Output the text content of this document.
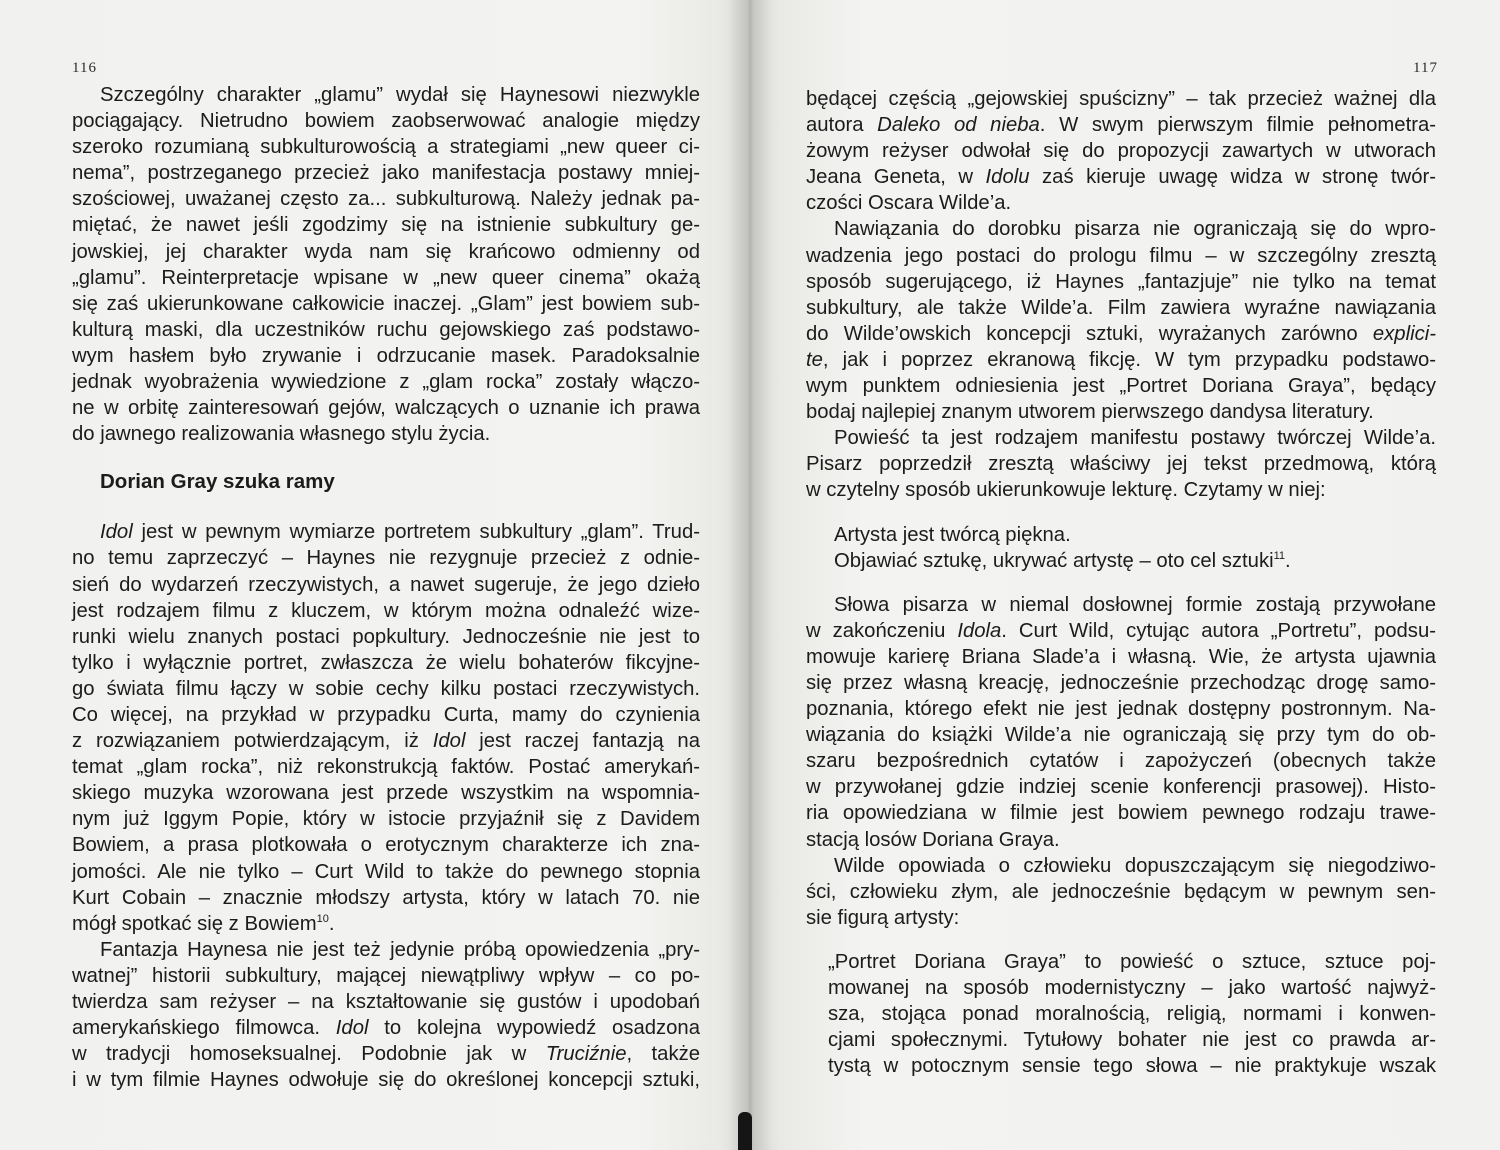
116
Szczególny charakter „glamu” wydał się Haynesowi niezwykle
pociągający. Nietrudno bowiem zaobserwować analogie między
szeroko rozumianą subkulturowością a strategiami „new queer ci-
nema”, postrzeganego przecież jako manifestacja postawy mniej-
szościowej, uważanej często za... subkulturową. Należy jednak pa-
miętać, że nawet jeśli zgodzimy się na istnienie subkultury ge-
jowskiej, jej charakter wyda nam się krańcowo odmienny od
„glamu”. Reinterpretacje wpisane w „new queer cinema” okażą
się zaś ukierunkowane całkowicie inaczej. „Glam” jest bowiem sub-
kulturą maski, dla uczestników ruchu gejowskiego zaś podstawo-
wym hasłem było zrywanie i odrzucanie masek. Paradoksalnie
jednak wyobrażenia wywiedzione z „glam rocka” zostały włączo-
ne w orbitę zainteresowań gejów, walczących o uznanie ich prawa
do jawnego realizowania własnego stylu życia.
Dorian Gray szuka ramy
Idol jest w pewnym wymiarze portretem subkultury „glam”. Trud-
no temu zaprzeczyć – Haynes nie rezygnuje przecież z odnie-
sień do wydarzeń rzeczywistych, a nawet sugeruje, że jego dzieło
jest rodzajem filmu z kluczem, w którym można odnaleźć wize-
runki wielu znanych postaci popkultury. Jednocześnie nie jest to
tylko i wyłącznie portret, zwłaszcza że wielu bohaterów fikcyjne-
go świata filmu łączy w sobie cechy kilku postaci rzeczywistych.
Co więcej, na przykład w przypadku Curta, mamy do czynienia
z rozwiązaniem potwierdzającym, iż Idol jest raczej fantazją na
temat „glam rocka”, niż rekonstrukcją faktów. Postać amerykań-
skiego muzyka wzorowana jest przede wszystkim na wspomnia-
nym już Iggym Popie, który w istocie przyjaźnił się z Davidem
Bowiem, a prasa plotkowała o erotycznym charakterze ich zna-
jomości. Ale nie tylko – Curt Wild to także do pewnego stopnia
Kurt Cobain – znacznie młodszy artysta, który w latach 70. nie
mógł spotkać się z Bowiem$^{10}$.
Fantazja Haynesa nie jest też jedynie próbą opowiedzenia „pry-
watnej” historii subkultury, mającej niewątpliwy wpływ – co po-
twierdza sam reżyser – na kształtowanie się gustów i upodobań
amerykańskiego filmowca. Idol to kolejna wypowiedź osadzona
w tradycji homoseksualnej. Podobnie jak w Truciźnie, także
i w tym filmie Haynes odwołuje się do określonej koncepcji sztuki,
117
będącej częścią „gejowskiej spuścizny” – tak przecież ważnej dla
autora Daleko od nieba. W swym pierwszym filmie pełnometra-
żowym reżyser odwołał się do propozycji zawartych w utworach
Jeana Geneta, w Idolu zaś kieruje uwagę widza w stronę twór-
czości Oscara Wilde’a.
Nawiązania do dorobku pisarza nie ograniczają się do wpro-
wadzenia jego postaci do prologu filmu – w szczególny zresztą
sposób sugerującego, iż Haynes „fantazjuje” nie tylko na temat
subkultury, ale także Wilde’a. Film zawiera wyraźne nawiązania
do Wilde’owskich koncepcji sztuki, wyrażanych zarówno explici-
te, jak i poprzez ekranową fikcję. W tym przypadku podstawo-
wym punktem odniesienia jest „Portret Doriana Graya”, będący
bodaj najlepiej znanym utworem pierwszego dandysa literatury.
Powieść ta jest rodzajem manifestu postawy twórczej Wilde’a.
Pisarz poprzedził zresztą właściwy jej tekst przedmową, którą
w czytelny sposób ukierunkowuje lekturę. Czytamy w niej:
Artysta jest twórcą piękna.
Objawiać sztukę, ukrywać artystę – oto cel sztuki$^{11}$.
Słowa pisarza w niemal dosłownej formie zostają przywołane
w zakończeniu Idola. Curt Wild, cytując autora „Portretu”, podsu-
mowuje karierę Briana Slade’a i własną. Wie, że artysta ujawnia
się przez własną kreację, jednocześnie przechodząc drogę samo-
poznania, którego efekt nie jest jednak dostępny postronnym. Na-
wiązania do książki Wilde’a nie ograniczają się przy tym do ob-
szaru bezpośrednich cytatów i zapożyczeń (obecnych także
w przywołanej gdzie indziej scenie konferencji prasowej). Histo-
ria opowiedziana w filmie jest bowiem pewnego rodzaju trawe-
stacją losów Doriana Graya.
Wilde opowiada o człowieku dopuszczającym się niegodziwo-
ści, człowieku złym, ale jednocześnie będącym w pewnym sen-
sie figurą artysty:
„Portret Doriana Graya” to powieść o sztuce, sztuce poj-
mowanej na sposób modernistyczny – jako wartość najwyż-
sza, stojąca ponad moralnością, religią, normami i konwen-
cjami społecznymi. Tytułowy bohater nie jest co prawda ar-
tystą w potocznym sensie tego słowa – nie praktykuje wszak
